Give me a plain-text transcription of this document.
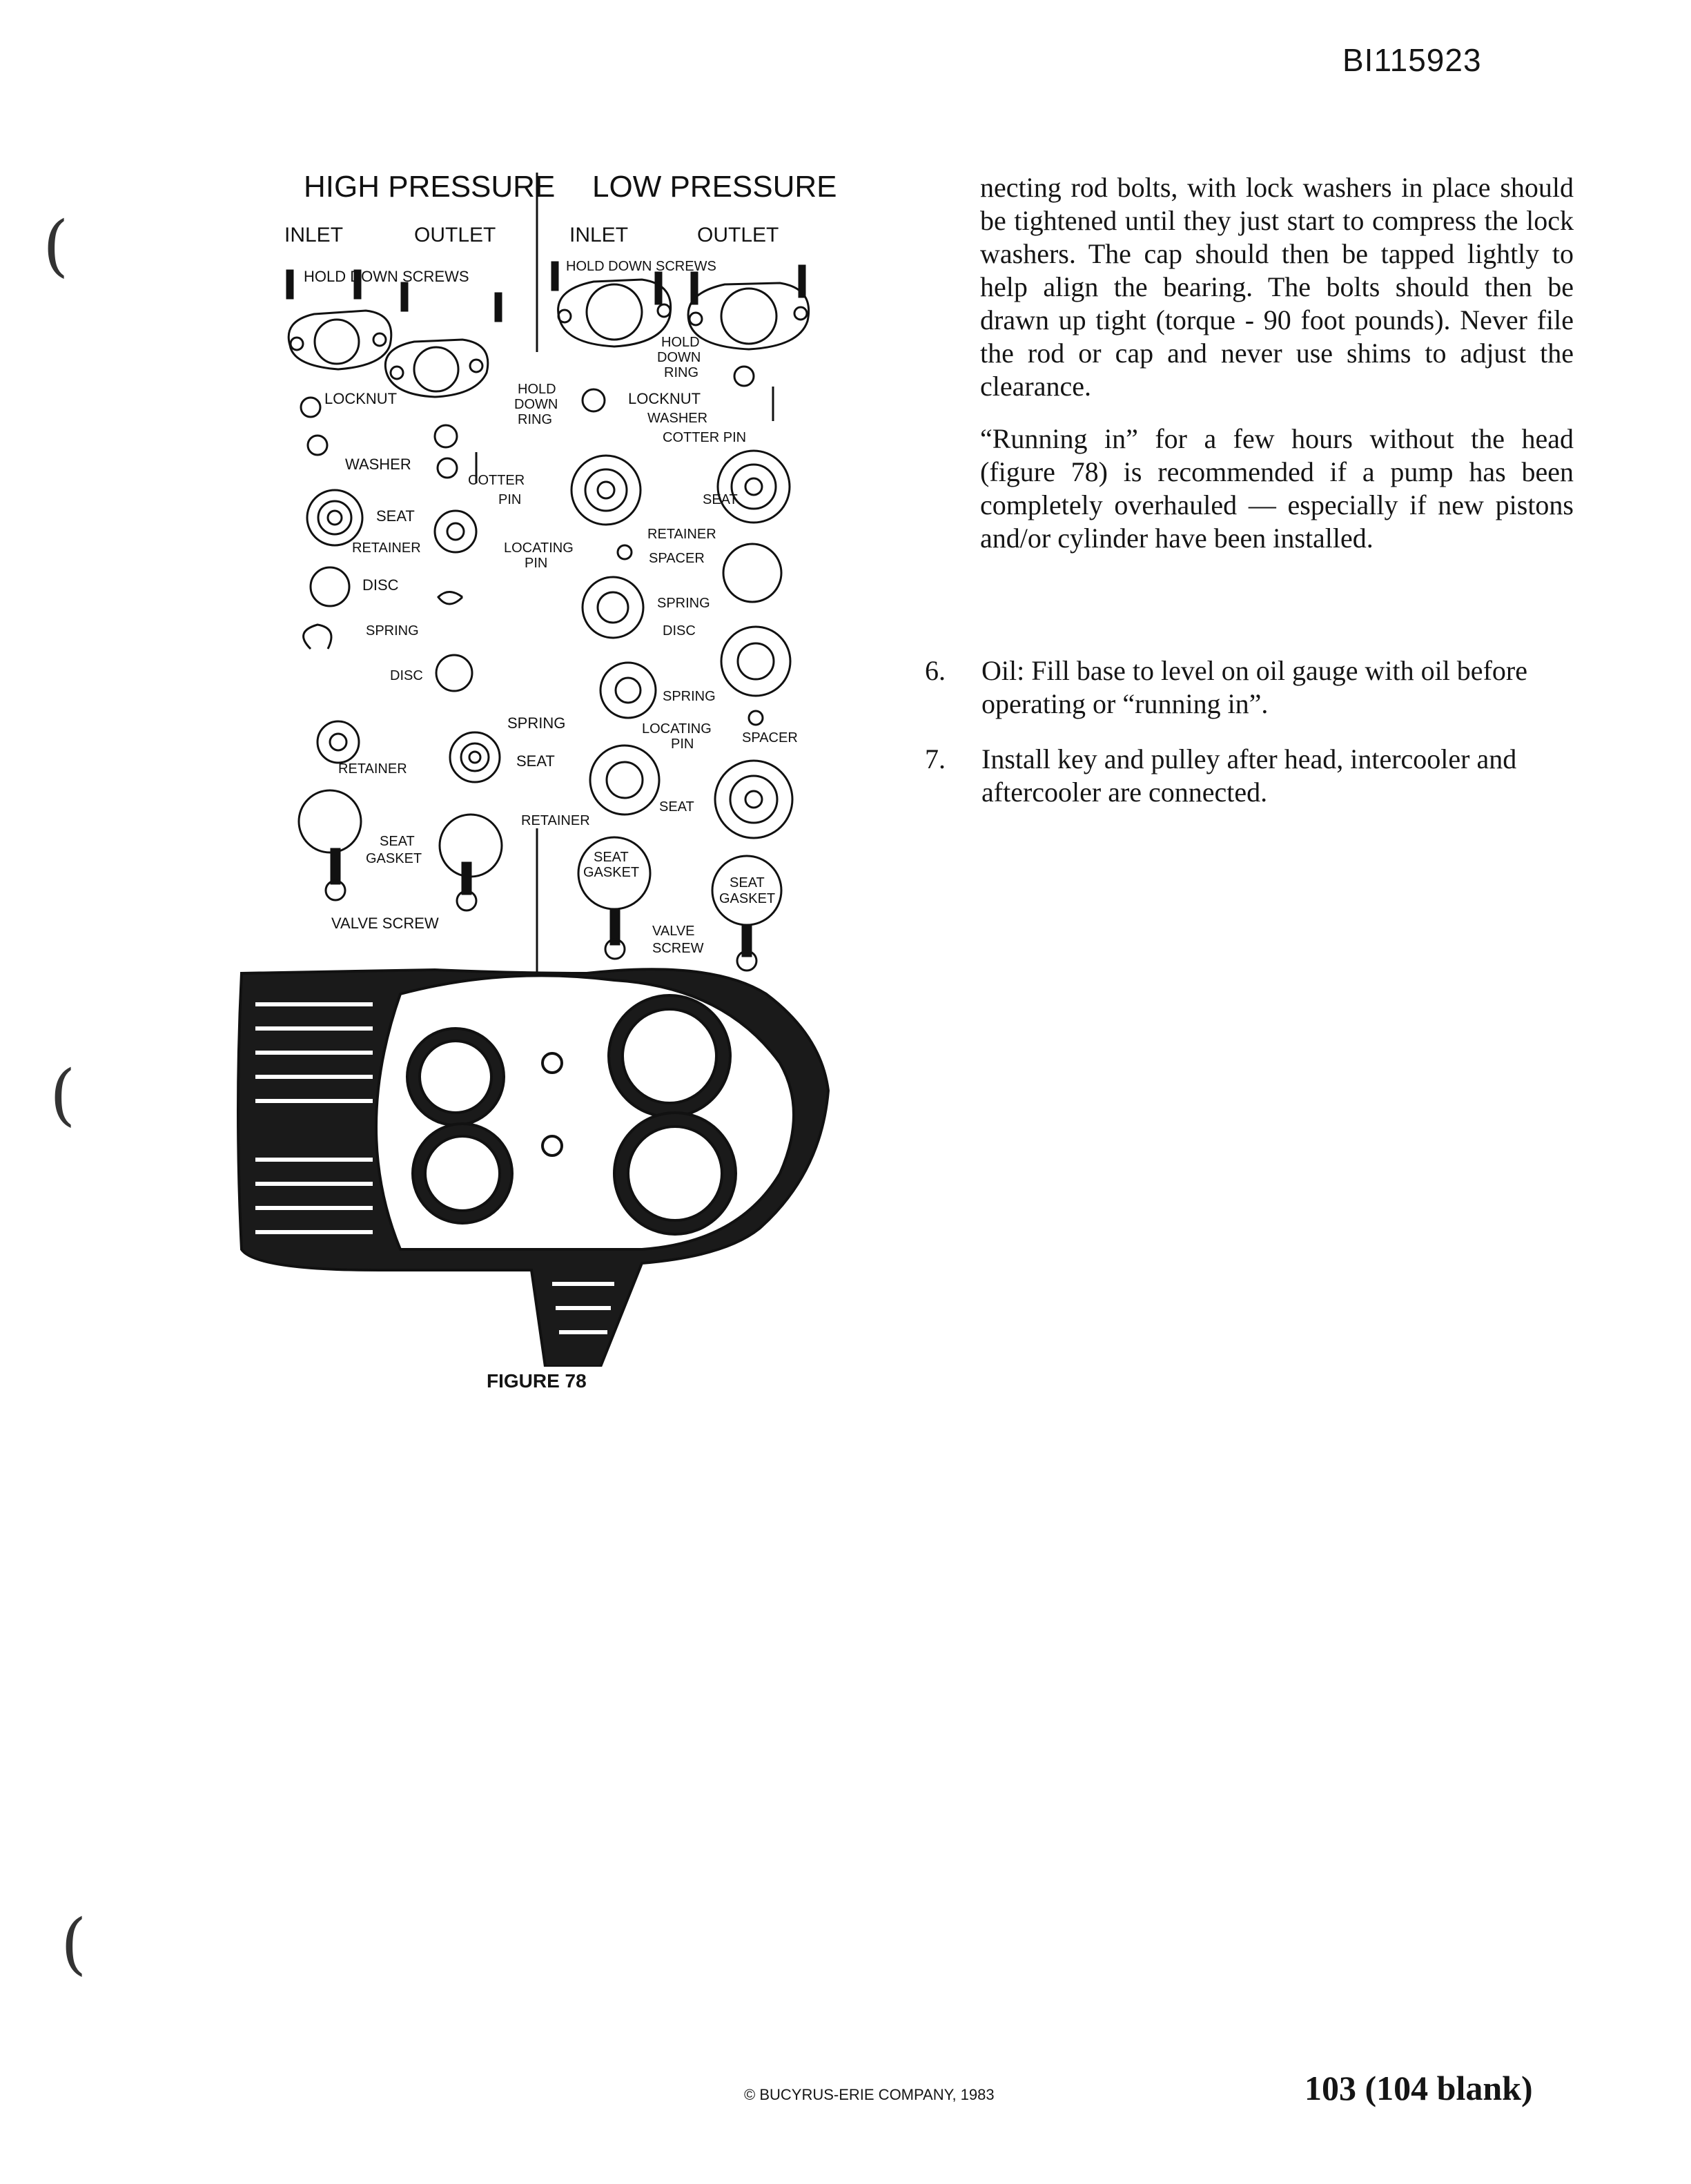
BI115923
(
(
(
HIGH PRESSURE LOW PRESSURE
INLET	OUTLET
HOLD DOWN SCREWS
HOLD
DOWN
RING
LOCKNUT
WASHER
COTTER
PIN
SEAT
RETAINER
DISC
SPRING
DISC
SPRING
RETAINER	SEAT
SEAT
GASKET
VALVE SCREW
LOCATING
PIN
INLET	OUTLET
HOLD DOWN SCREWS
HOLD
DOWN
RING
LOCKNUT
WASHER
COTTER PIN
SEAT
RETAINER
SPACER
SPRING
DISC
SPRING
LOCATING
PIN	SPACER
SEAT
RETAINER
SEAT
GASKET
SEAT
GASKET
VALVE
SCREW
FIGURE 78

necting rod bolts, with lock washers in place should be tightened until they just start to compress the lock washers. The cap should then be tapped lightly to help align the bearing. The bolts should then be drawn up tight (torque - 90 foot pounds). Never file the rod or cap and never use shims to adjust the clearance.

“Running in” for a few hours without the head (figure 78) is recommended if a pump has been completely overhauled — especially if new pistons and/or cylinder have been installed.

6. Oil: Fill base to level on oil gauge with oil before operating or “running in”.
7. Install key and pulley after head, intercooler and aftercooler are connected.
© BUCYRUS-ERIE COMPANY, 1983	103 (104 blank)
